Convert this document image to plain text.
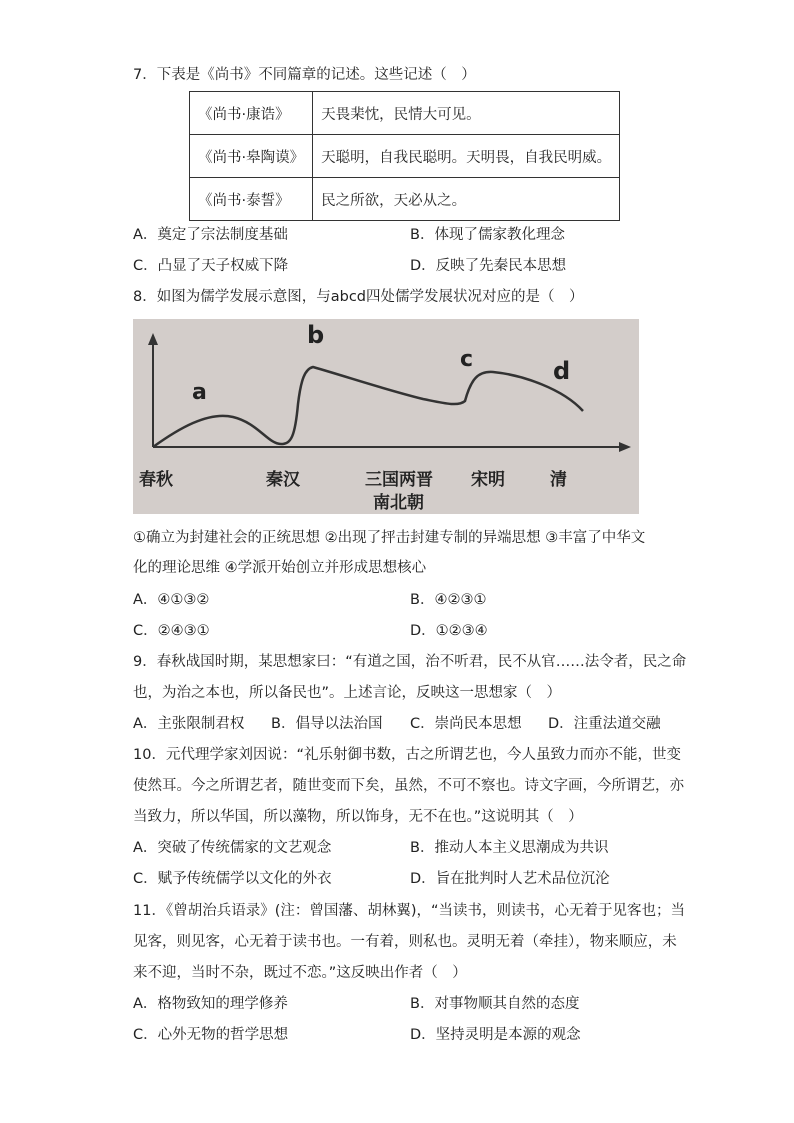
7．下表是《尚书》不同篇章的记述。这些记述（　）
《尚书·康诰》	天畏棐忱，民情大可见。
《尚书·皋陶谟》	天聪明，自我民聪明。天明畏，自我民明威。
《尚书·泰誓》	民之所欲，天必从之。
A．奠定了宗法制度基础	B．体现了儒家教化理念
C．凸显了天子权威下降	D．反映了先秦民本思想
8．如图为儒学发展示意图，与abcd四处儒学发展状况对应的是（　）
a
b
c	d
春秋	秦汉	三国两晋
南北朝
宋明	清
①确立为封建社会的正统思想 ②出现了抨击封建专制的异端思想 ③丰富了中华文
化的理论思维 ④学派开始创立并形成思想核心
A．④①③②	B．④②③①
C．②④③①	D．①②③④
9．春秋战国时期，某思想家曰：“有道之国，治不听君，民不从官……法令者，民之命
也，为治之本也，所以备民也”。上述言论，反映这一思想家（　）
A．主张限制君权 B．倡导以法治国 C．崇尚民本思想 D．注重法道交融
10．元代理学家刘因说：“礼乐射御书数，古之所谓艺也，今人虽致力而亦不能，世变
使然耳。今之所谓艺者，随世变而下矣，虽然，不可不察也。诗文字画，今所谓艺，亦
当致力，所以华国，所以藻物，所以饰身，无不在也。”这说明其（　）
A．突破了传统儒家的文艺观念	B．推动人本主义思潮成为共识
C．赋予传统儒学以文化的外衣	D．旨在批判时人艺术品位沉沦
11．《曾胡治兵语录》(注：曾国藩、胡林翼)，“当读书，则读书，心无着于见客也；当
见客，则见客，心无着于读书也。一有着，则私也。灵明无着（牵挂），物来顺应，未
来不迎，当时不杂，既过不恋。”这反映出作者（　）
A．格物致知的理学修养	B．对事物顺其自然的态度
C．心外无物的哲学思想	D．坚持灵明是本源的观念
